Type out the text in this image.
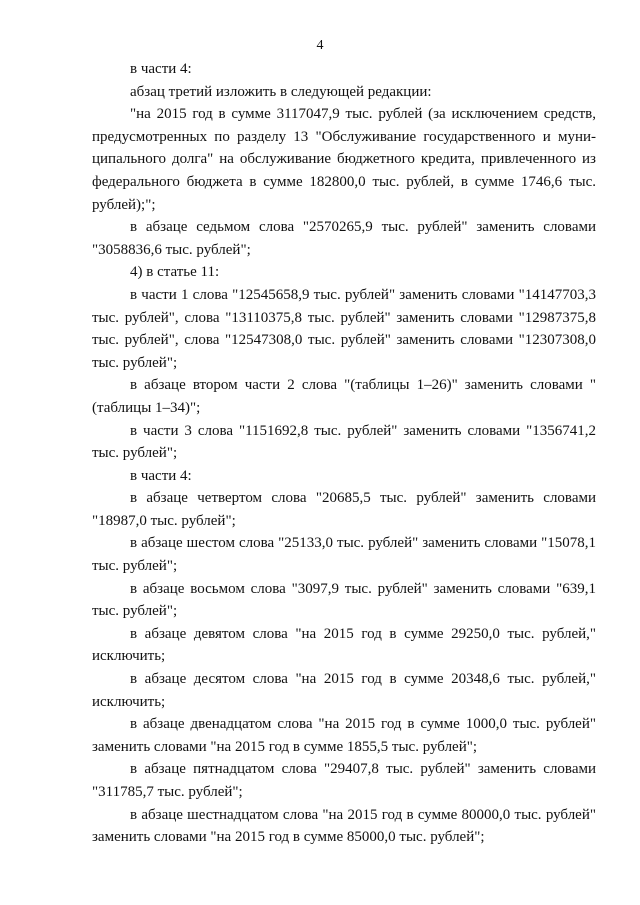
4

в части 4:

абзац третий изложить в следующей редакции:

"на 2015 год в сумме 3117047,9 тыс. рублей (за исключением средств, предусмотренных по разделу 13 "Обслуживание государственного и муни-ципального долга" на обслуживание бюджетного кредита, привлеченного из федерального бюджета в сумме 182800,0 тыс. рублей, в сумме 1746,6 тыс. рублей);";

в абзаце седьмом слова "2570265,9 тыс. рублей" заменить словами "3058836,6 тыс. рублей";

4) в статье 11:

в части 1 слова "12545658,9 тыс. рублей" заменить словами "14147703,3 тыс. рублей", слова "13110375,8 тыс. рублей" заменить словами "12987375,8 тыс. рублей", слова "12547308,0 тыс. рублей" заменить словами "12307308,0 тыс. рублей";

в абзаце втором части 2 слова "(таблицы 1–26)" заменить словами "(таблицы 1–34)";

в части 3 слова "1151692,8 тыс. рублей" заменить словами "1356741,2 тыс. рублей";

в части 4:

в абзаце четвертом слова "20685,5 тыс. рублей" заменить словами "18987,0 тыс. рублей";

в абзаце шестом слова "25133,0 тыс. рублей" заменить словами "15078,1 тыс. рублей";

в абзаце восьмом слова "3097,9 тыс. рублей" заменить словами "639,1 тыс. рублей";

в абзаце девятом слова "на 2015 год в сумме 29250,0 тыс. рублей," исключить;

в абзаце десятом слова "на 2015 год в сумме 20348,6 тыс. рублей," исключить;

в абзаце двенадцатом слова "на 2015 год в сумме 1000,0 тыс. рублей" заменить словами "на 2015 год в сумме 1855,5 тыс. рублей";

в абзаце пятнадцатом слова "29407,8 тыс. рублей" заменить словами "311785,7 тыс. рублей";

в абзаце шестнадцатом слова "на 2015 год в сумме 80000,0 тыс. рублей" заменить словами "на 2015 год в сумме 85000,0 тыс. рублей";
